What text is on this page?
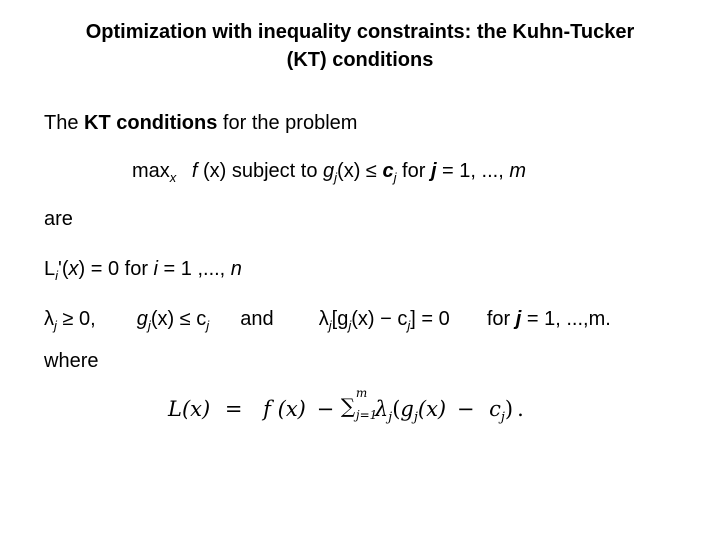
Optimization with inequality constraints: the Kuhn-Tucker
(KT) conditions
The KT conditions for the problem
$\max_x f$ (x) subject to $g_j(x) \le c_j$ for j = 1, ..., m
are
$L_i'(x) = 0$ for i = 1 ,..., n
$\lambda_j \ge 0$, $g_j(x) \le c_j$ and $\lambda_j[g_j(x) - c_j] = 0$ for j = 1, ...,m.
where
L(x) = f (x) − ∑
m
j=1
$\lambda_j(g_j(x) - c_j)$ .
